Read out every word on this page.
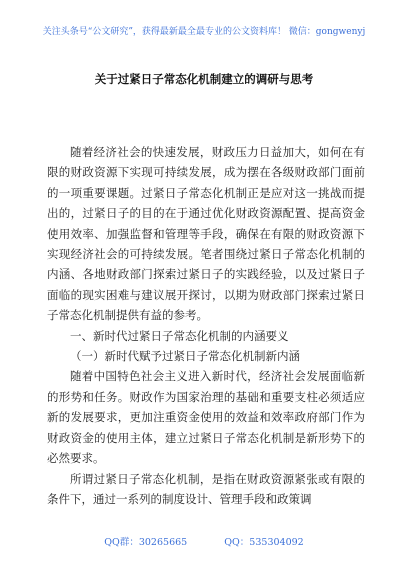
关注头条号“公文研究”，获得最新最全最专业的公文资料库！ 微信：gongwenyj
关于过紧日子常态化机制建立的调研与思考

随着经济社会的快速发展，财政压力日益加大，如何在有限的财政资源下实现可持续发展，成为摆在各级财政部门面前的一项重要课题。过紧日子常态化机制正是应对这一挑战而提出的，过紧日子的目的在于通过优化财政资源配置、提高资金使用效率、加强监督和管理等手段，确保在有限的财政资源下实现经济社会的可持续发展。笔者围绕过紧日子常态化机制的内涵、各地财政部门探索过紧日子的实践经验，以及过紧日子面临的现实困难与建议展开探讨，以期为财政部门探索过紧日子常态化机制提供有益的参考。

一、新时代过紧日子常态化机制的内涵要义

（一）新时代赋予过紧日子常态化机制新内涵

随着中国特色社会主义进入新时代，经济社会发展面临新的形势和任务。财政作为国家治理的基础和重要支柱必须适应新的发展要求，更加注重资金使用的效益和效率政府部门作为财政资金的使用主体，建立过紧日子常态化机制是新形势下的必然要求。

所谓过紧日子常态化机制，是指在财政资源紧张或有限的条件下，通过一系列的制度设计、管理手段和政策调

QQ群：30265665	QQ：535304092
